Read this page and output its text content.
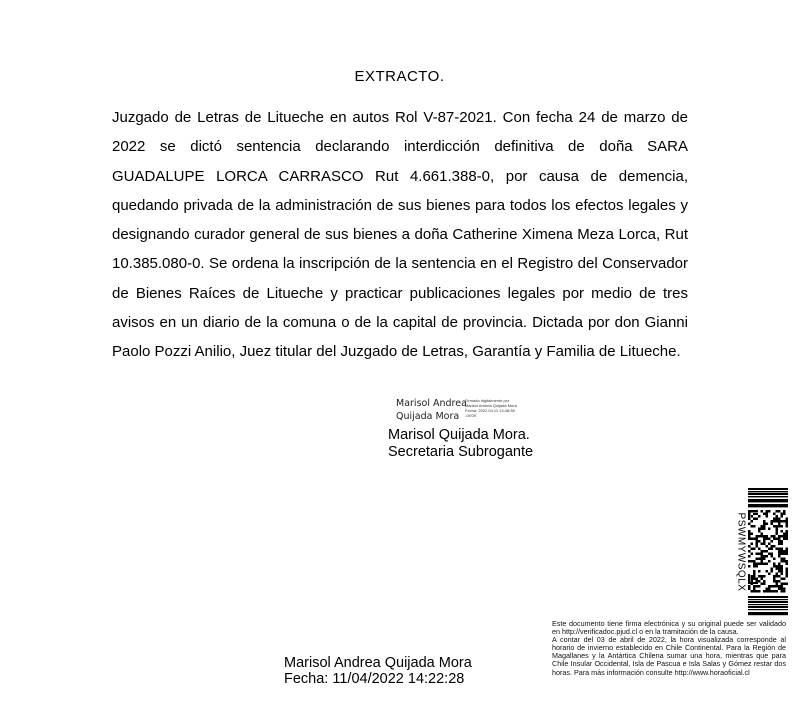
EXTRACTO.
Juzgado de Letras de Litueche en autos Rol V-87-2021. Con fecha 24 de marzo de 2022 se dictó sentencia declarando interdicción definitiva de doña SARA GUADALUPE LORCA CARRASCO Rut 4.661.388-0, por causa de demencia, quedando privada de la administración de sus bienes para todos los efectos legales y designando curador general de sus bienes a doña Catherine Ximena Meza Lorca, Rut 10.385.080-0. Se ordena la inscripción de la sentencia en el Registro del Conservador de Bienes Raíces de Litueche y practicar publicaciones legales por medio de tres avisos en un diario de la comuna o de la capital de provincia. Dictada por don Gianni Paolo Pozzi Anilio, Juez titular del Juzgado de Letras, Garantía y Familia de Litueche.
Marisol Andrea
Quijada Mora
Firmado digitalmente por
Marisol Andrea Quijada Mora
Fecha: 2022.04.11 13:48:38
-04'00'
Marisol Quijada Mora.
Secretaria Subrogante
PSWMYWSQLX
Este documento tiene firma electrónica y su original puede ser validado en http://verificadoc.pjud.cl o en la tramitación de la causa.
A contar del 03 de abril de 2022, la hora visualizada corresponde al horario de invierno establecido en Chile Continental. Para la Región de Magallanes y la Antártica Chilena sumar una hora, mientras que para Chile Insular Occidental, Isla de Pascua e Isla Salas y Gómez restar dos horas. Para más información consulte http://www.horaoficial.cl
Marisol Andrea Quijada Mora
Fecha: 11/04/2022 14:22:28
